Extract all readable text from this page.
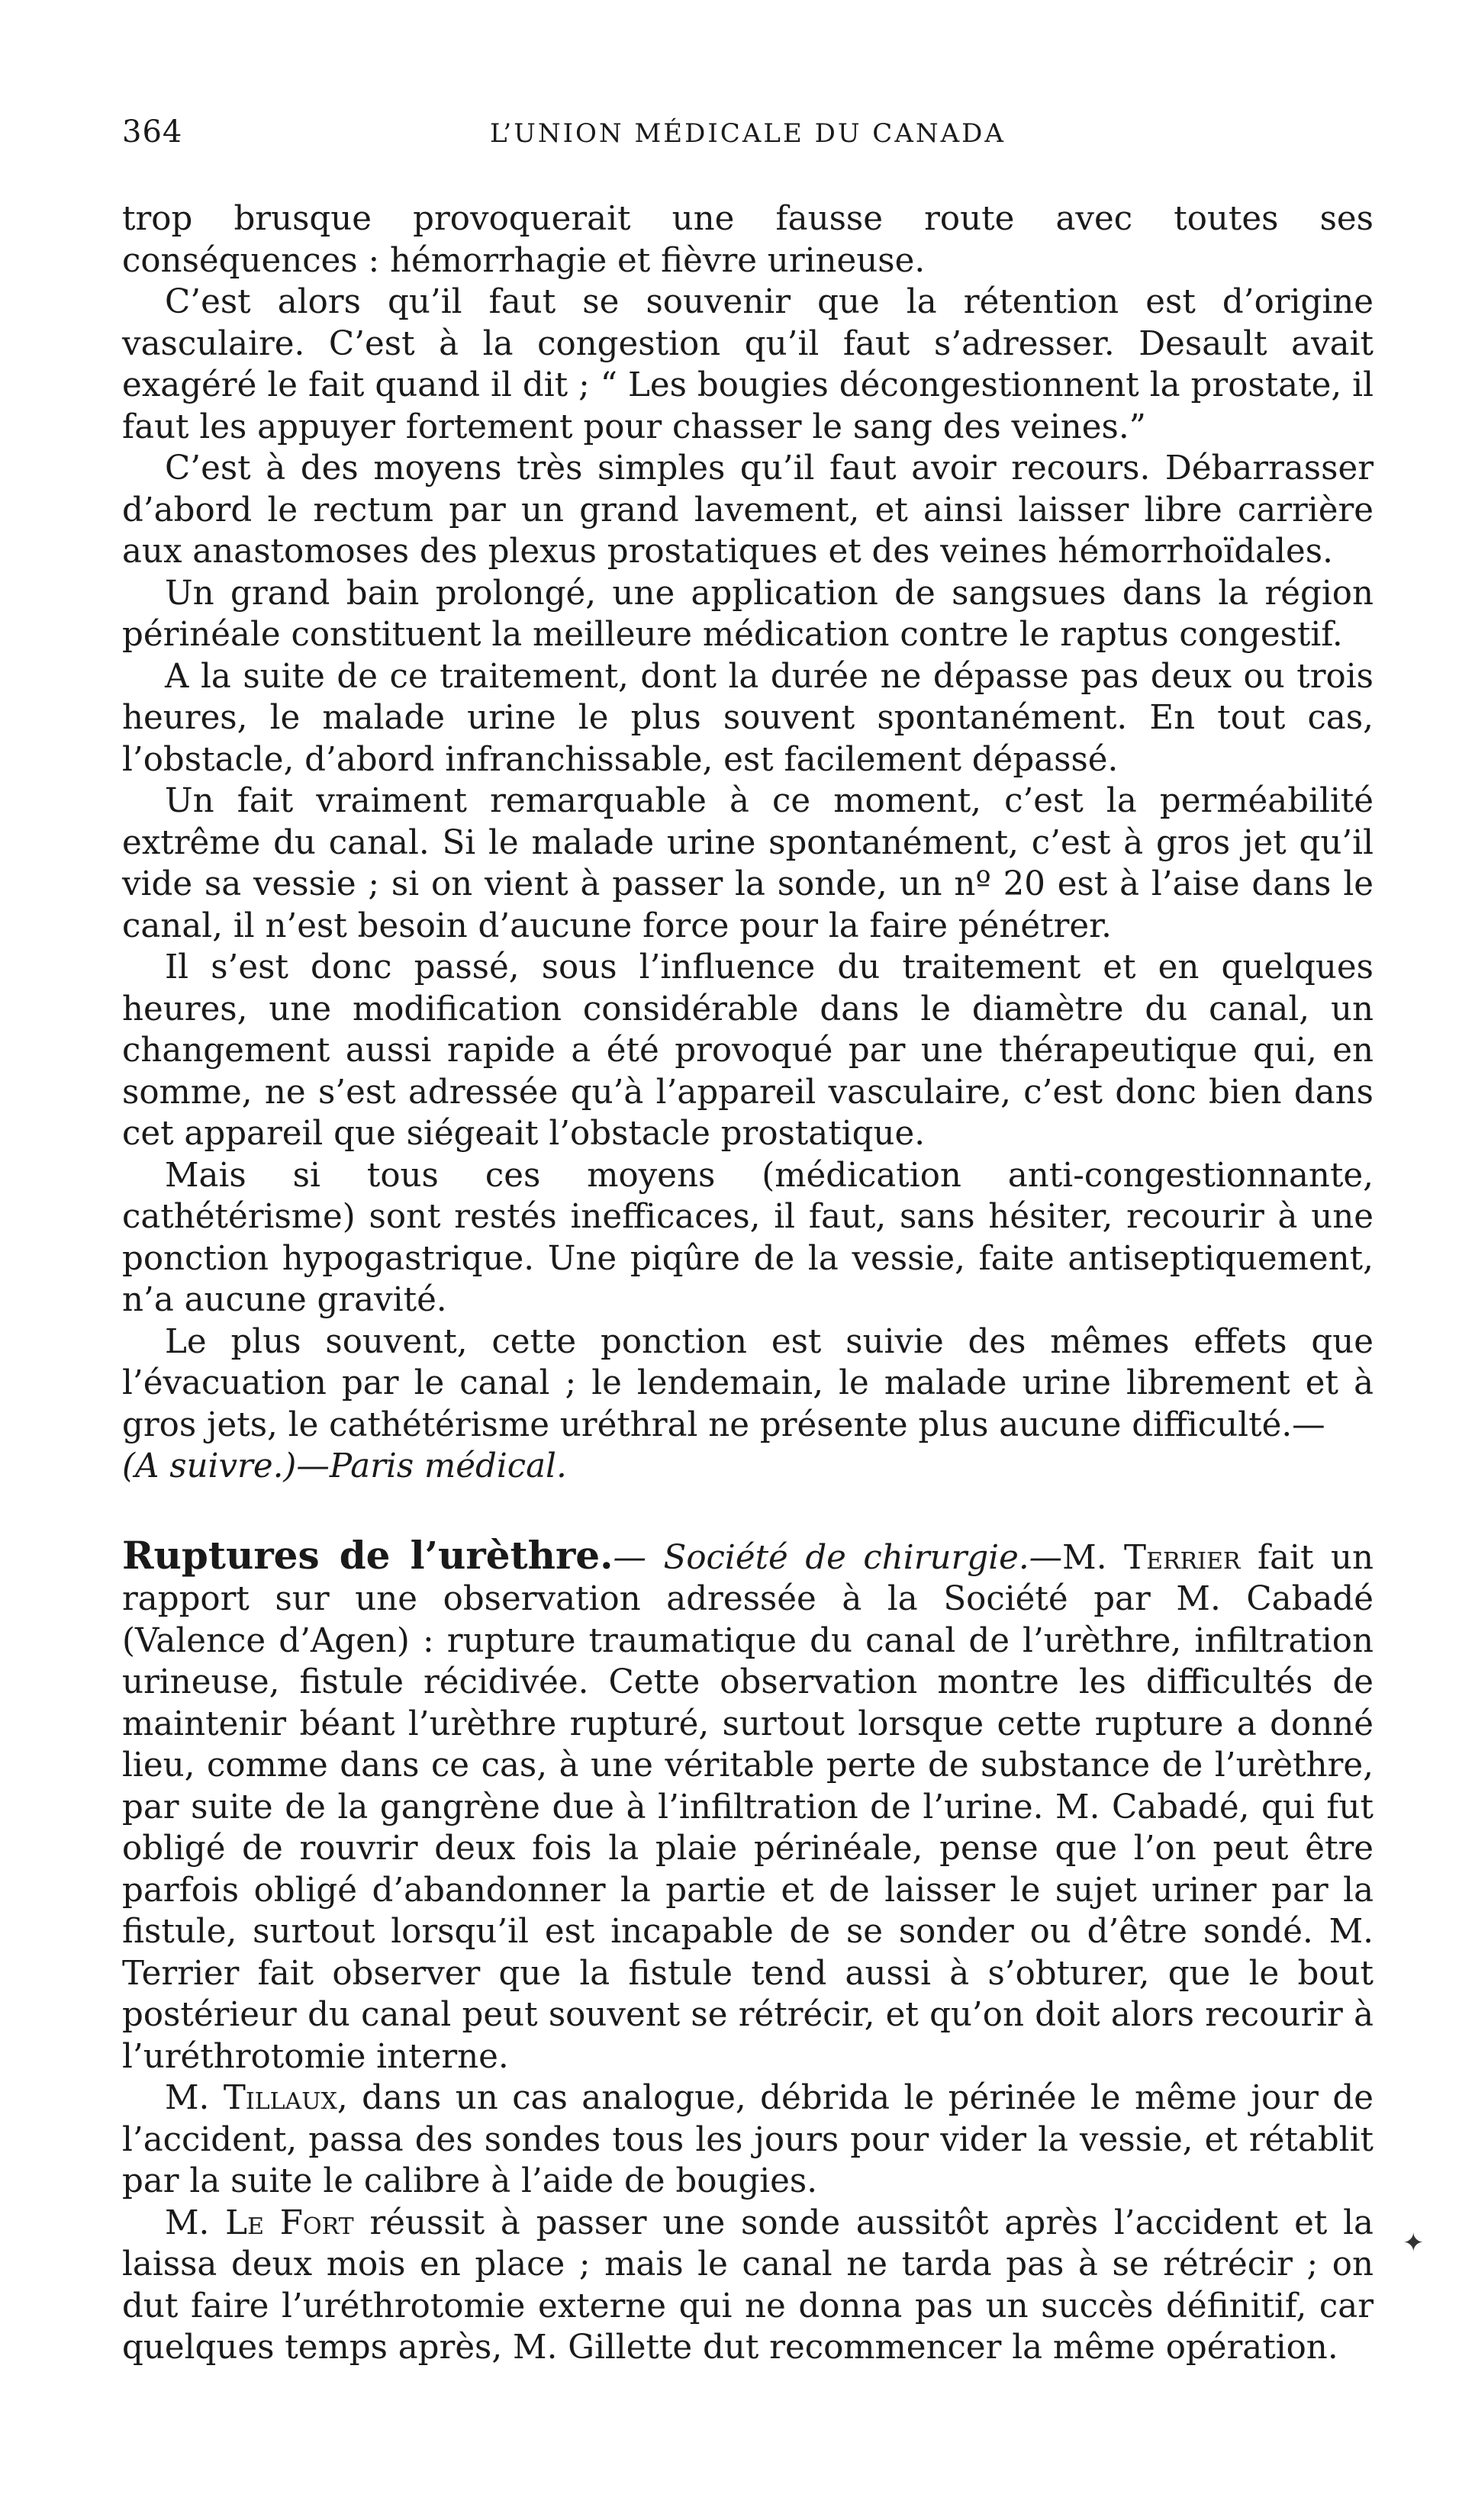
364	L’UNION MÉDICALE DU CANADA

trop brusque provoquerait une fausse route avec toutes ses conséquences : hémorrhagie et fièvre urineuse.

C’est alors qu’il faut se souvenir que la rétention est d’origine vasculaire. C’est à la congestion qu’il faut s’adresser. Desault avait exagéré le fait quand il dit ; “ Les bougies décongestionnent la prostate, il faut les appuyer fortement pour chasser le sang des veines.”

C’est à des moyens très simples qu’il faut avoir recours. Débarrasser d’abord le rectum par un grand lavement, et ainsi laisser libre carrière aux anastomoses des plexus prostatiques et des veines hémorrhoïdales.

Un grand bain prolongé, une application de sangsues dans la région périnéale constituent la meilleure médication contre le raptus congestif.

A la suite de ce traitement, dont la durée ne dépasse pas deux ou trois heures, le malade urine le plus souvent spontanément. En tout cas, l’obstacle, d’abord infranchissable, est facilement dépassé.

Un fait vraiment remarquable à ce moment, c’est la perméabilité extrême du canal. Si le malade urine spontanément, c’est à gros jet qu’il vide sa vessie ; si on vient à passer la sonde, un nº 20 est à l’aise dans le canal, il n’est besoin d’aucune force pour la faire pénétrer.

Il s’est donc passé, sous l’influence du traitement et en quelques heures, une modification considérable dans le diamètre du canal, un changement aussi rapide a été provoqué par une thérapeutique qui, en somme, ne s’est adressée qu’à l’appareil vasculaire, c’est donc bien dans cet appareil que siégeait l’obstacle prostatique.

Mais si tous ces moyens (médication anti-congestionnante, cathétérisme) sont restés inefficaces, il faut, sans hésiter, recourir à une ponction hypogastrique. Une piqûre de la vessie, faite antiseptiquement, n’a aucune gravité.

Le plus souvent, cette ponction est suivie des mêmes effets que l’évacuation par le canal ; le lendemain, le malade urine librement et à gros jets, le cathétérisme uréthral ne présente plus aucune difficulté.—

(A suivre.)—Paris médical.

Ruptures de l’urèthre.— Société de chirurgie.—M. Terrier fait un rapport sur une observation adressée à la Société par M. Cabadé (Valence d’Agen) : rupture traumatique du canal de l’urèthre, infiltration urineuse, fistule récidivée. Cette observation montre les difficultés de maintenir béant l’urèthre rupturé, surtout lorsque cette rupture a donné lieu, comme dans ce cas, à une véritable perte de substance de l’urèthre, par suite de la gangrène due à l’infiltration de l’urine. M. Cabadé, qui fut obligé de rouvrir deux fois la plaie périnéale, pense que l’on peut être parfois obligé d’abandonner la partie et de laisser le sujet uriner par la fistule, surtout lorsqu’il est incapable de se sonder ou d’être sondé. M. Terrier fait observer que la fistule tend aussi à s’obturer, que le bout postérieur du canal peut souvent se rétrécir, et qu’on doit alors recourir à l’uréthrotomie interne.

M. Tillaux, dans un cas analogue, débrida le périnée le même jour de l’accident, passa des sondes tous les jours pour vider la vessie, et rétablit par la suite le calibre à l’aide de bougies.

M. Le Fort réussit à passer une sonde aussitôt après l’accident et la laissa deux mois en place ; mais le canal ne tarda pas à se rétrécir ; on dut faire l’uréthrotomie externe qui ne donna pas un succès définitif, car quelques temps après, M. Gillette dut recommencer la même opération.

✦
